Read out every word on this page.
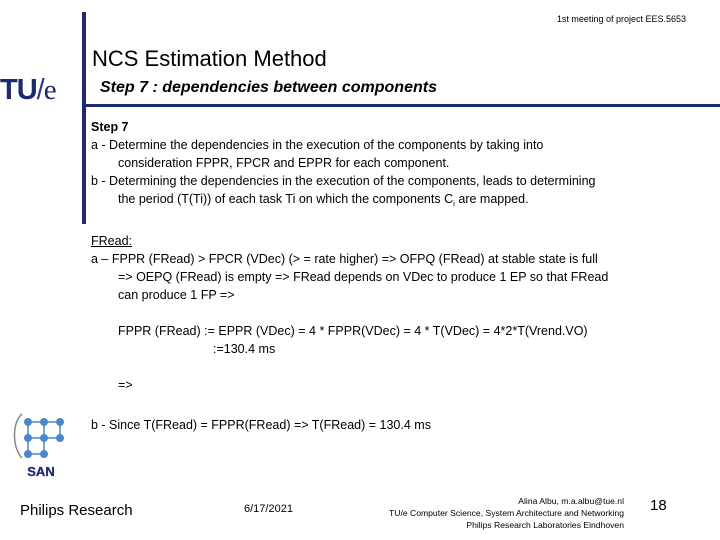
1st meeting of project EES.5653
TU/e
NCS Estimation Method
Step 7 : dependencies between components

Step 7

a - Determine the dependencies in the execution of the components by taking into

consideration FPPR, FPCR and EPPR for each component.

b - Determining the dependencies in the execution of the components, leads to determining

the period (T(Ti)) of each task Ti on which the components $C_i$ are mapped.

FRead:

a – FPPR (FRead) > FPCR (VDec) (> = rate higher) => OFPQ (FRead) at stable state is full

=> OEPQ (FRead) is empty => FRead depends on VDec to produce 1 EP so that FRead

can produce 1 FP =>

FPPR (FRead) := EPPR (VDec) = 4 * FPPR(VDec) = 4 * T(VDec) = 4*2*T(Vrend.VO)

:=130.4 ms

=>

b - Since T(FRead) = FPPR(FRead) => T(FRead) = 130.4 ms

SAN
Philips Research	6/17/2021
Alina Albu, m.a.albu@tue.nl
TU/e Computer Science, System Architecture and Networking
Philips Research Laboratories Eindhoven
18
